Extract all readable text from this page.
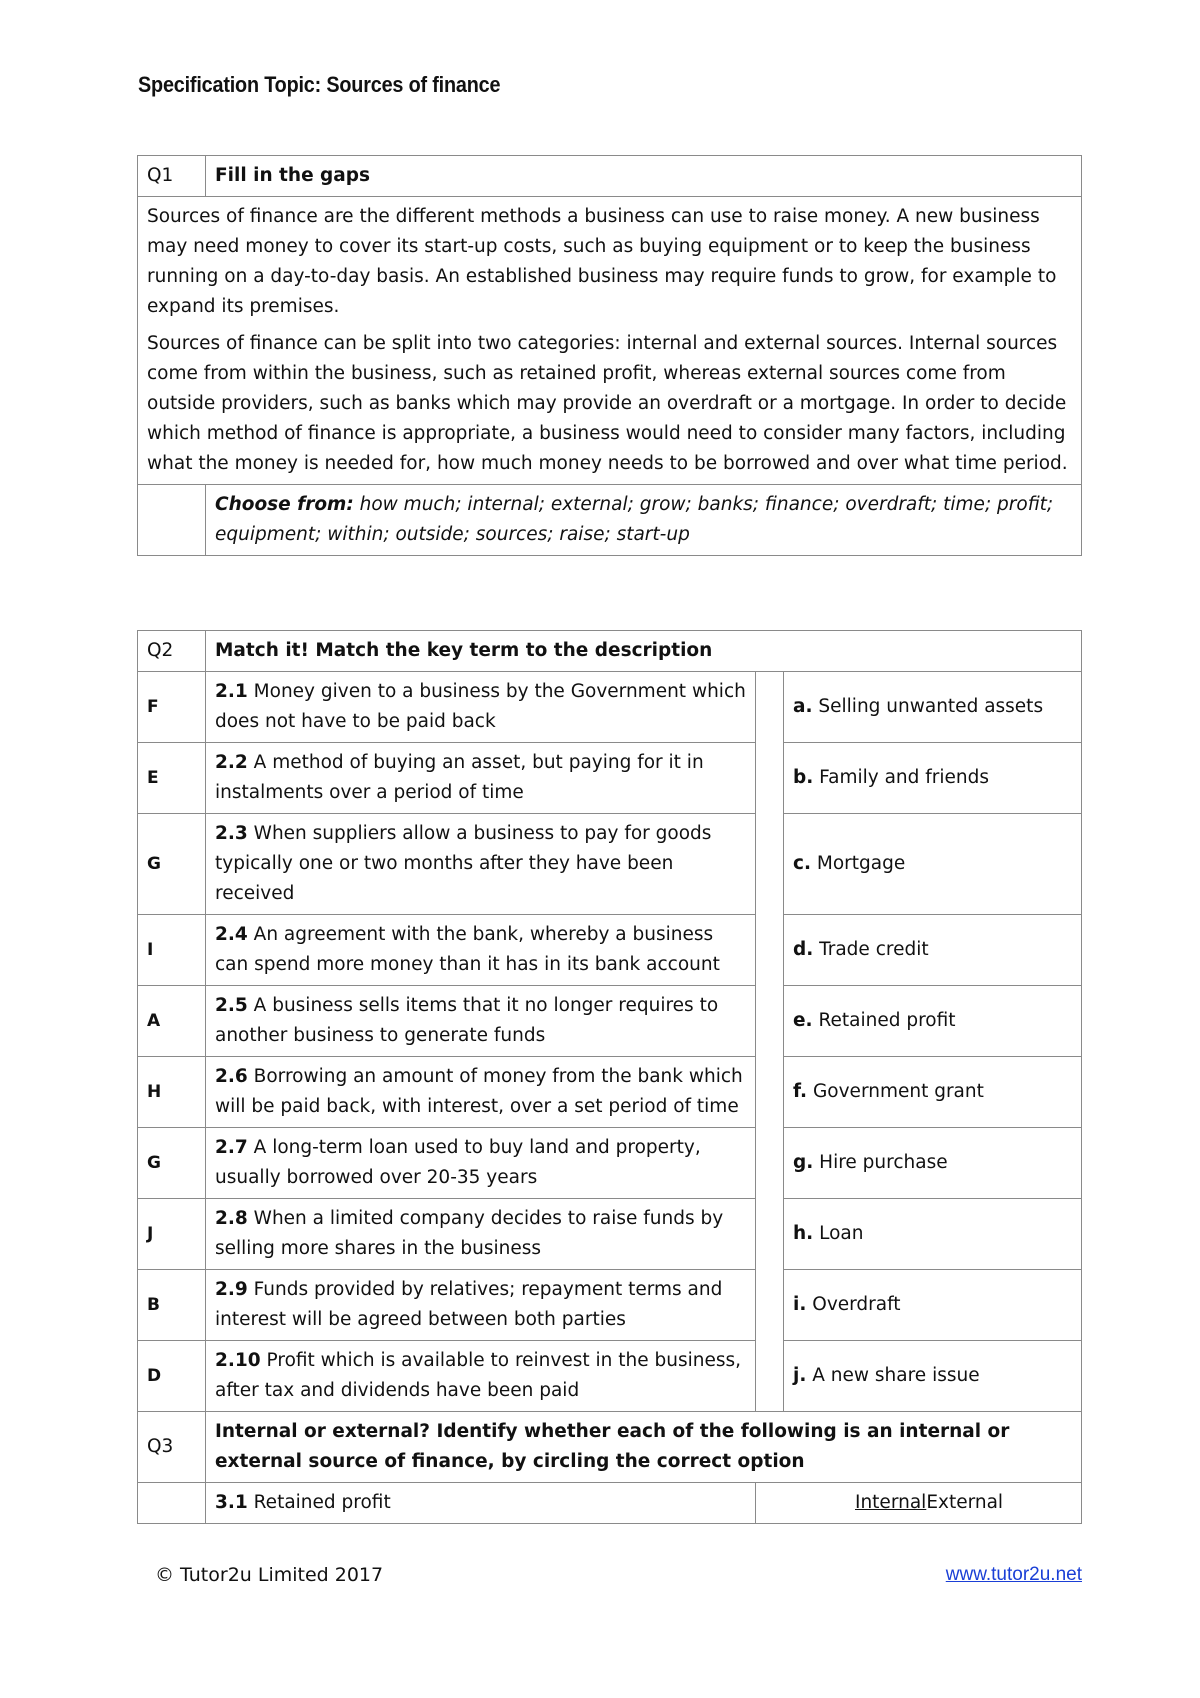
Specification Topic: Sources of finance
Q1	Fill in the gaps

Sources of finance are the different methods a business can use to raise money. A new business may need money to cover its start-up costs, such as buying equipment or to keep the business running on a day-to-day basis. An established business may require funds to grow, for example to expand its premises.

Sources of finance can be split into two categories: internal and external sources. Internal sources come from within the business, such as retained profit, whereas external sources come from outside providers, such as banks which may provide an overdraft or a mortgage. In order to decide which method of finance is appropriate, a business would need to consider many factors, including what the money is needed for, how much money needs to be borrowed and over what time period.	

	Choose from: how much; internal; external; grow; banks; finance; overdraft; time; profit; equipment; within; outside; sources; raise; start-up
Q2	Match it! Match the key term to the description		
F	2.1 Money given to a business by the Government which does not have to be paid back		a. Selling unwanted assets
E	2.2 A method of buying an asset, but paying for it in instalments over a period of time		b. Family and friends
G	2.3 When suppliers allow a business to pay for goods typically one or two months after they have been received		c. Mortgage
I	2.4 An agreement with the bank, whereby a business can spend more money than it has in its bank account		d. Trade credit
A	2.5 A business sells items that it no longer requires to another business to generate funds		e. Retained profit
H	2.6 Borrowing an amount of money from the bank which will be paid back, with interest, over a set period of time		f. Government grant
G	2.7 A long-term loan used to buy land and property, usually borrowed over 20-35 years		g. Hire purchase
J	2.8 When a limited company decides to raise funds by selling more shares in the business		h. Loan
B	2.9 Funds provided by relatives; repayment terms and interest will be agreed between both parties		i. Overdraft
D	2.10 Profit which is available to reinvest in the business, after tax and dividends have been paid		j. A new share issue
Q3	Internal or external? Identify whether each of the following is an internal or external source of finance, by circling the correct option		
	3.1 Retained profit	Internal External	
© Tutor2u Limited 2017	www.tutor2u.net
